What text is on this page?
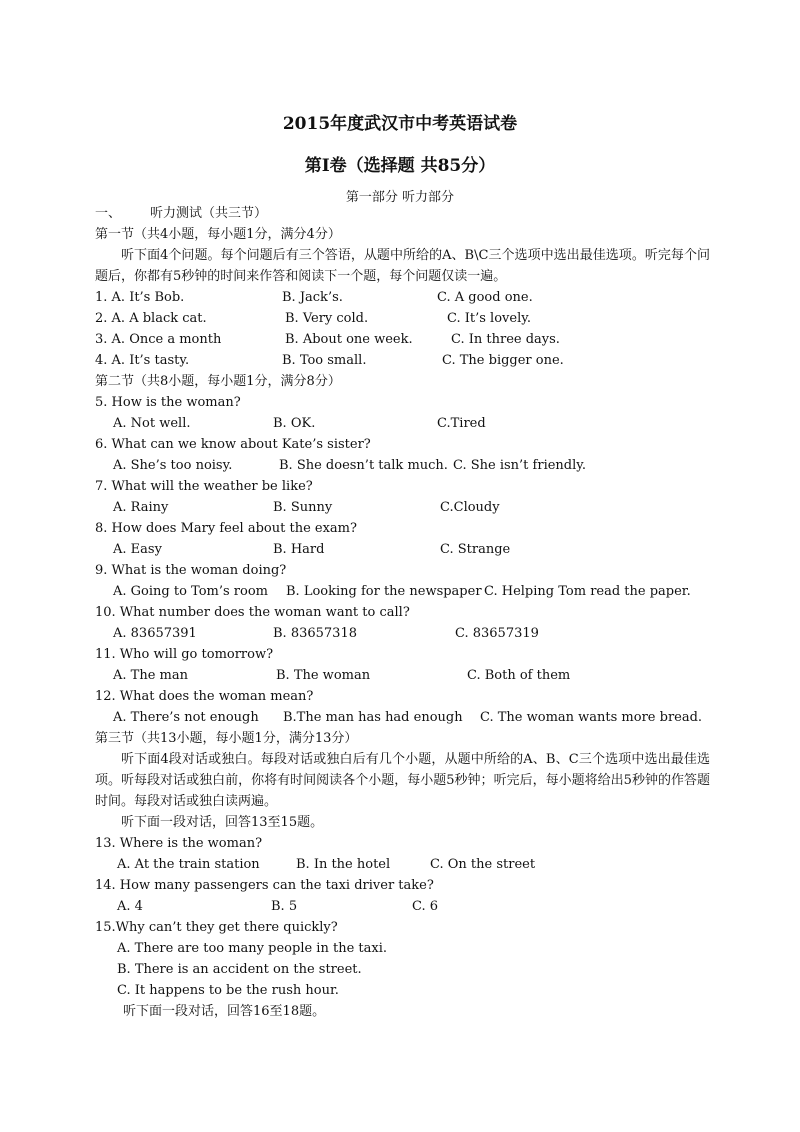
2015年度武汉市中考英语试卷
第I卷（选择题 共85分）
第一部分 听力部分
一、 听力测试（共三节）
第一节（共4小题，每小题1分，满分4分）
听下面4个问题。每个问题后有三个答语，从题中所给的A、B\C三个选项中选出最佳选项。听完每个问题后，你都有5秒钟的时间来作答和阅读下一个题，每个问题仅读一遍。
1. A. It’s Bob.	B. Jack’s.	C. A good one.
2. A. A black cat.	B. Very cold.	C. It’s lovely.
3. A. Once a month	B. About one week.	C. In three days.
4. A. It’s tasty.	B. Too small.	C. The bigger one.
第二节（共8小题，每小题1分，满分8分）
5. How is the woman?
A. Not well.	B. OK.	C.Tired
6. What can we know about Kate’s sister?
A. She’s too noisy.	B. She doesn’t talk much. C. She isn’t friendly.
7. What will the weather be like?
A. Rainy	B. Sunny	C.Cloudy
8. How does Mary feel about the exam?
A. Easy	B. Hard	C. Strange
9. What is the woman doing?
A. Going to Tom’s room B. Looking for the newspaper C. Helping Tom read the paper.
10. What number does the woman want to call?
A. 83657391	B. 83657318	C. 83657319
11. Who will go tomorrow?
A. The man	B. The woman	C. Both of them
12. What does the woman mean?
A. There’s not enough B.The man has had enough C. The woman wants more bread.
第三节（共13小题，每小题1分，满分13分）
听下面4段对话或独白。每段对话或独白后有几个小题，从题中所给的A、B、C三个选项中选出最佳选项。听每段对话或独白前，你将有时间阅读各个小题，每小题5秒钟；听完后，每小题将给出5秒钟的作答题时间。每段对话或独白读两遍。
听下面一段对话，回答13至15题。
13. Where is the woman?
A. At the train station	B. In the hotel	C. On the street
14. How many passengers can the taxi driver take?
A. 4	B. 5	C. 6
15.Why can’t they get there quickly?
A. There are too many people in the taxi.
B. There is an accident on the street.
C. It happens to be the rush hour.
听下面一段对话，回答16至18题。
